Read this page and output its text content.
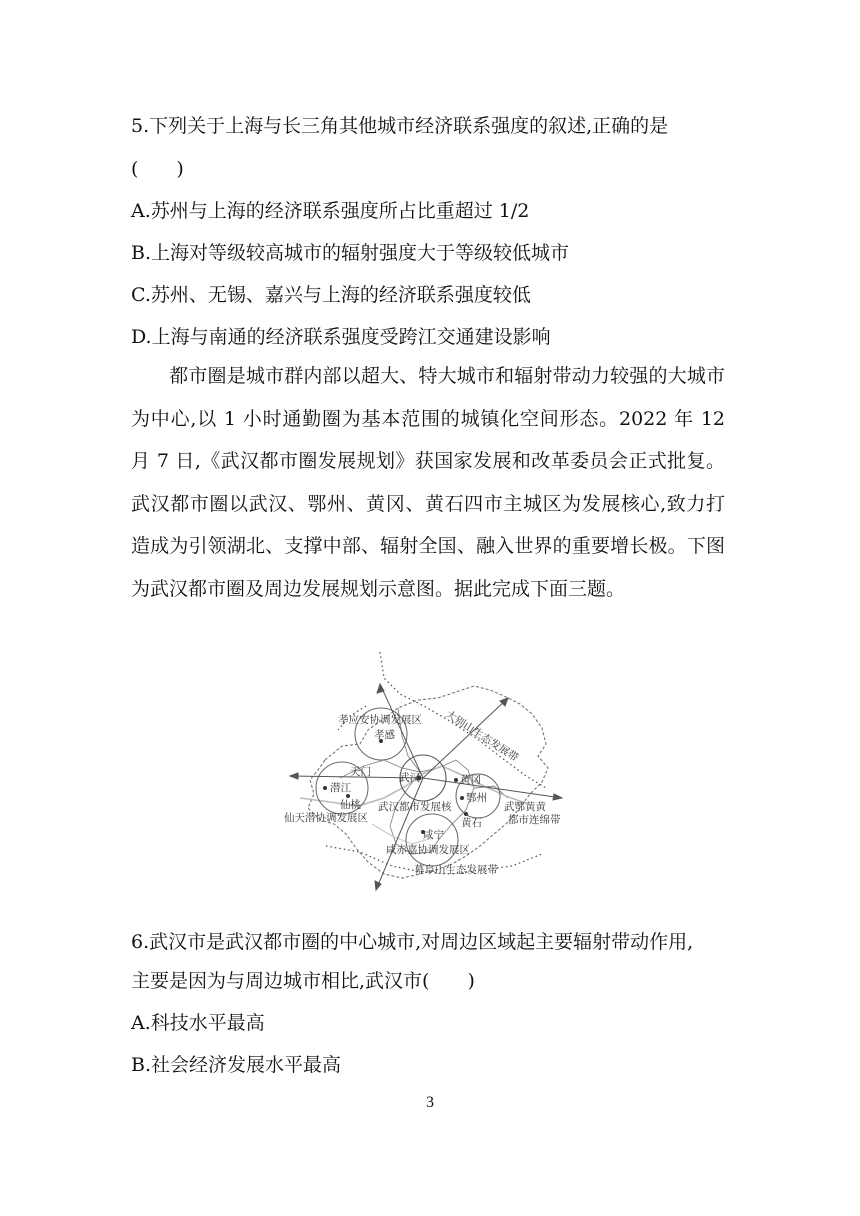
5.下列关于上海与长三角其他城市经济联系强度的叙述,正确的是

(　　)

A.苏州与上海的经济联系强度所占比重超过 1/2

B.上海对等级较高城市的辐射强度大于等级较低城市

C.苏州、无锡、嘉兴与上海的经济联系强度较低

D.上海与南通的经济联系强度受跨江交通建设影响

都市圈是城市群内部以超大、特大城市和辐射带动力较强的大城市为中心,以 1 小时通勤圈为基本范围的城镇化空间形态。2022 年 12 月 7 日,《武汉都市圈发展规划》获国家发展和改革委员会正式批复。武汉都市圈以武汉、鄂州、黄冈、黄石四市主城区为发展核心,致力打造成为引领湖北、支撑中部、辐射全国、融入世界的重要增长极。下图为武汉都市圈及周边发展规划示意图。据此完成下面三题。

孝应安协调发展区
孝感	大别山生态发展带
天门
潜江
武汉	黄冈
鄂州
仙桃 武汉都市发展核	武鄂黄黄 都市连绵带
仙天潜协调发展区	黄石
咸宁
咸赤嘉协调发展区
幕阜山生态发展带

6.武汉市是武汉都市圈的中心城市,对周边区域起主要辐射带动作用,

主要是因为与周边城市相比,武汉市(　　)

A.科技水平最高

B.社会经济发展水平最高

3
